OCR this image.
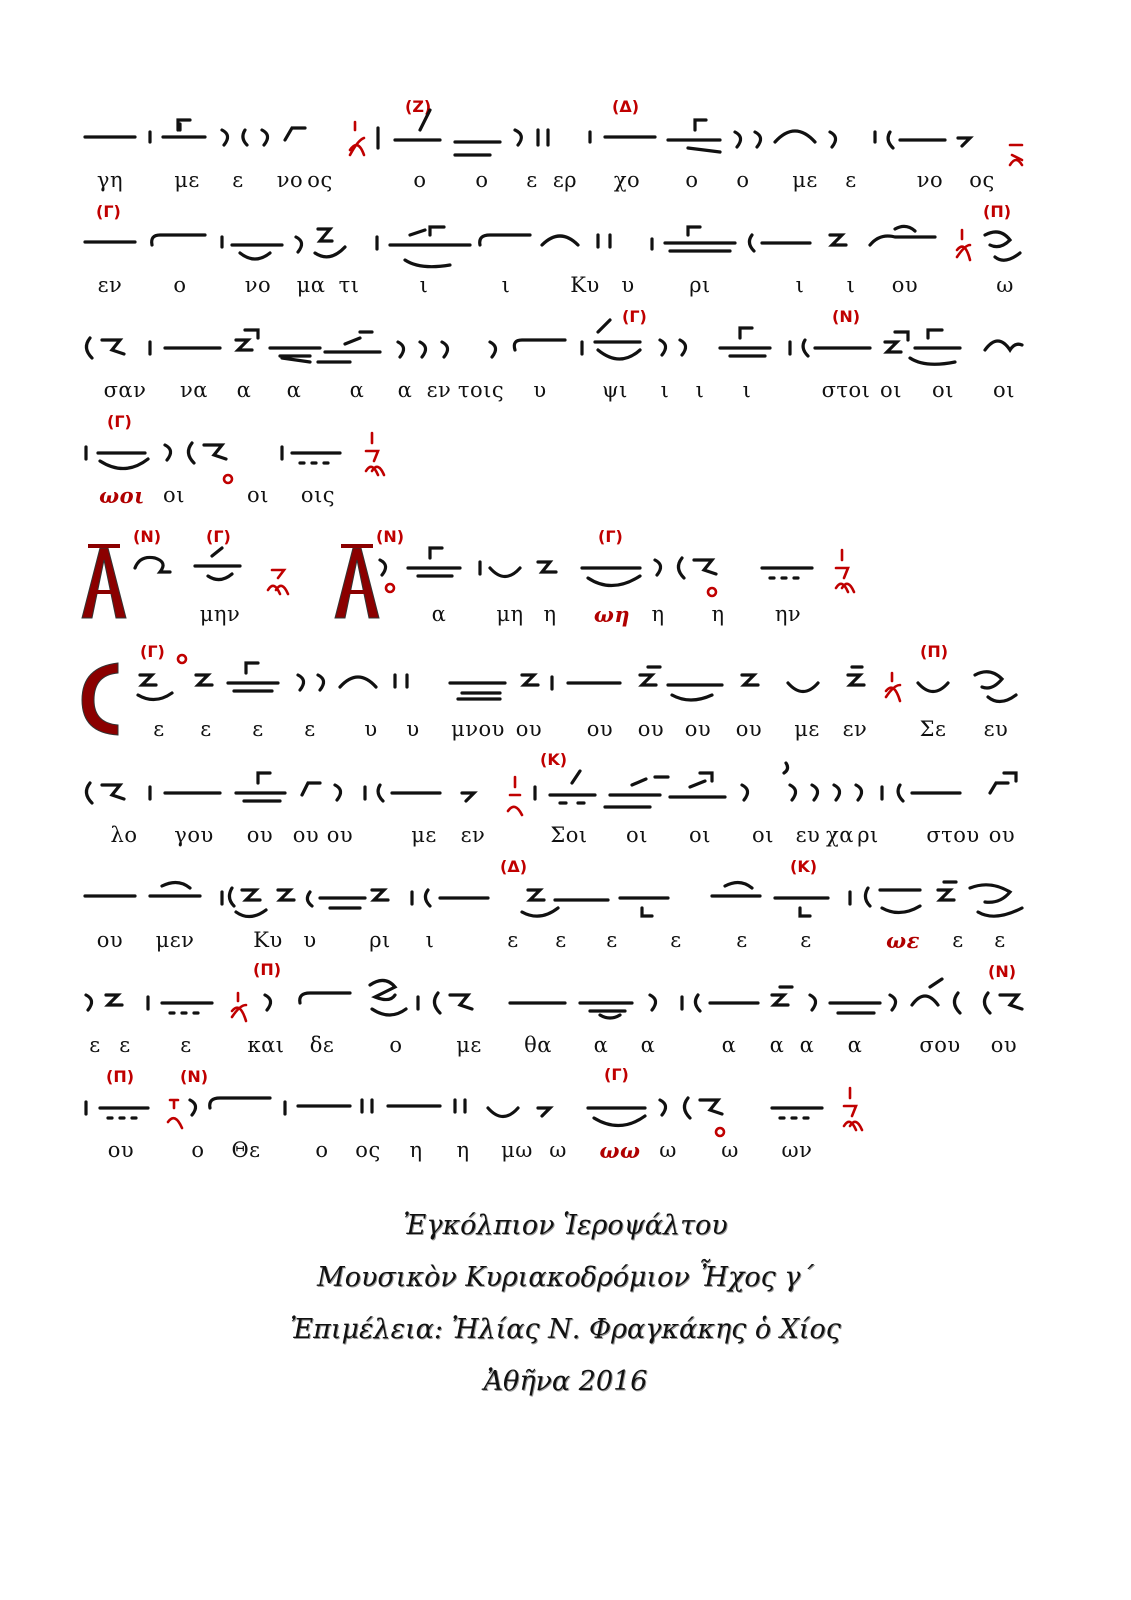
(Ζ)	(Δ)
γη με ε νο ος	ο ο ε ερ χο ο ο με ε	νο ος
(Γ)	(Π)
εν ο	νο μα τι	ι	ι	Κυ υ	ρι	ι ι ου	ω
(Γ)	(Ν)
σαν να α α α α εν τοις υ	ψι ι ι ι	στοι οι οι οι
(Γ)
ωοι οι	οι οις
(Ν)	(Γ)	(Ν)	(Γ)
μην	α μη η ωη η η ην
(Γ)	(Π)
ε ε ε ε υ υ μνου ου ου ου ου ου με εν Σε ευ
(Κ)
λο γου ου ου ου	με εν	Σοι οι οι οι ευ χα ρι στου ου
(Δ)	(Κ)
ου μεν	Κυ υ	ρι ι	ε ε ε	ε	ε	ε	ωε ε ε
(Π)	(Ν)
ε ε ε	και δε	ο	με θα α α	α α α α	σου ου
(Π)	(Ν)	(Γ)
ου	ο Θε	ο ος η η μω ω ωω ω ω ων
Ἐγκόλπιον Ἱεροψάλτου
Μουσικὸν Κυριακοδρόμιον Ἦχος γ´
Ἐπιμέλεια: Ἠλίας Ν. Φραγκάκης ὁ Χίος
Ἀθῆνα 2016
